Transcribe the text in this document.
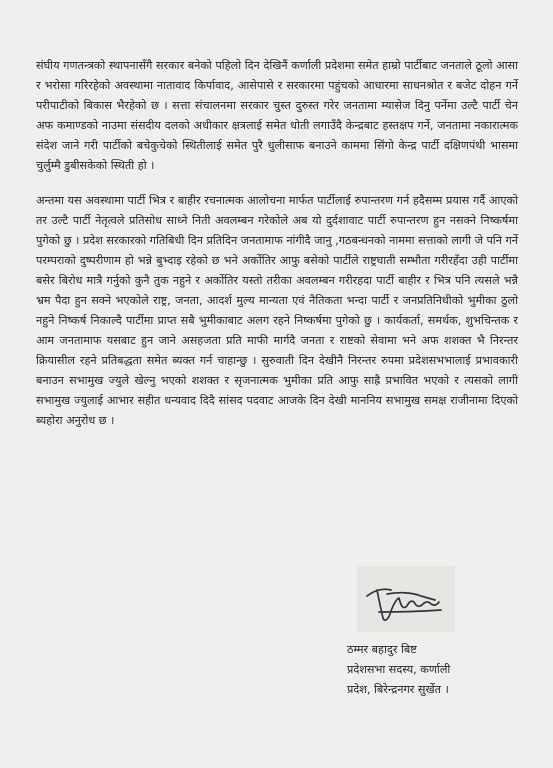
संघीय गणतन्त्रको स्थापनासँगै सरकार बनेको पहिलो दिन देखिनैं कर्णाली प्रदेशमा समेत हाम्रो पार्टीबाट जनताले ठूलो आसा र भरोसा गरिरहेको अवस्थामा नातावाद किर्पावाद, आसेपासे र सरकारमा पहुंचको आधारमा साधनश्रोत र बजेट दोहन गर्ने परीपाटीको बिकास भैरहेको छ । सत्ता संचालनमा सरकार चुस्त दुरुस्त गरेर जनतामा म्यासेज दिनु पर्नेमा उल्टै पार्टी चेन अफ कमाण्डको नाउमा संसदीय दलको अधीकार क्षत्रलाई समेत धोती लगाउँदै केन्द्रबाट हस्तक्षप गर्ने, जनतामा नकारात्मक संदेश जाने गरी पार्टीको बचेकुचेको स्थितीलाई समेत पुरै धुलीसाफ बनाउने काममा सिंगो केन्द्र पार्टी दक्षिणपंथी भासमा चुर्लुम्मै डुबीसकेको स्थिती हो ।

अन्तमा यस अवस्थामा पार्टी भित्र र बाहीर रचनात्मक आलोचना मार्फत पार्टीलाई रुपान्तरण गर्न हदैसम्म प्रयास गर्दै आएको तर उल्टै पार्टी नेतृत्वले प्रतिसोध साध्ने निती अवलम्बन गरेकोले अब यो दुर्दशावाट पार्टी रुपान्तरण हुन नसक्ने निष्कर्षमा पुगेको छु । प्रदेश सरकारको गतिबिधी दिन प्रतिदिन जनतामाफ नांगीदै जानु ,गठबन्धनको नाममा सत्ताको लागी जे पनि गर्ने परम्पराको दुष्परीणाम हो भन्ने बुभ्दाइ रहेको छ भने अर्कोतिर आफु बसेको पार्टीले राष्ट्रघाती सम्भौता गरीरहँदा उही पार्टीमा बसेर बिरोध मात्रै गर्नुको कुनै तुक नहुने र अर्कोतिर यस्तो तरीका अवलम्बन गरीरहदा पार्टी बाहीर र भित्र पनि त्यसले भन्नै भ्रम पैदा हुन सक्ने भएकोले राष्ट्र, जनता, आदर्श मुल्य मान्यता एवं नैतिकता भन्दा पार्टी र जनप्रतिनिधीको भुमीका ठुलो नहुने निष्कर्ष निकाल्दै पार्टीमा प्राप्त सबै भुमीकाबाट अलग रहने निष्कर्षमा पुगेको छु । कार्यकर्ता, समर्थक, शुभचिन्तक र आम जनतामाफ यसबाट हुन जाने असहजता प्रति माफी मार्गदै जनता र राष्टको सेवामा भने अफ शशक्त भै निरन्तर क्रियासील रहने प्रतिबद्धता समेत ब्यक्त गर्न चाहान्छु । सुरुवाती दिन देखीनै निरन्तर रुपमा प्रदेशसभभालाई प्रभावकारी बनाउन सभामुख ज्युले खेल्नु भएको शशक्त र सृजनात्मक भुमीका प्रति आफु साह्रै प्रभावित भएको र त्यसको लागी सभामुख ज्युलाई आभार सहीत धन्यवाद दिदै सांसद पदवाट आजके दिन देखी माननिय सभामुख समक्ष राजीनामा दिएको ब्यहोरा अनुरोध छ ।

ठम्मर बहादुर बिष्ट
प्रदेशसभा सदस्य, कर्णाली
प्रदेश, बिरेन्द्रनगर सुर्खेत ।
